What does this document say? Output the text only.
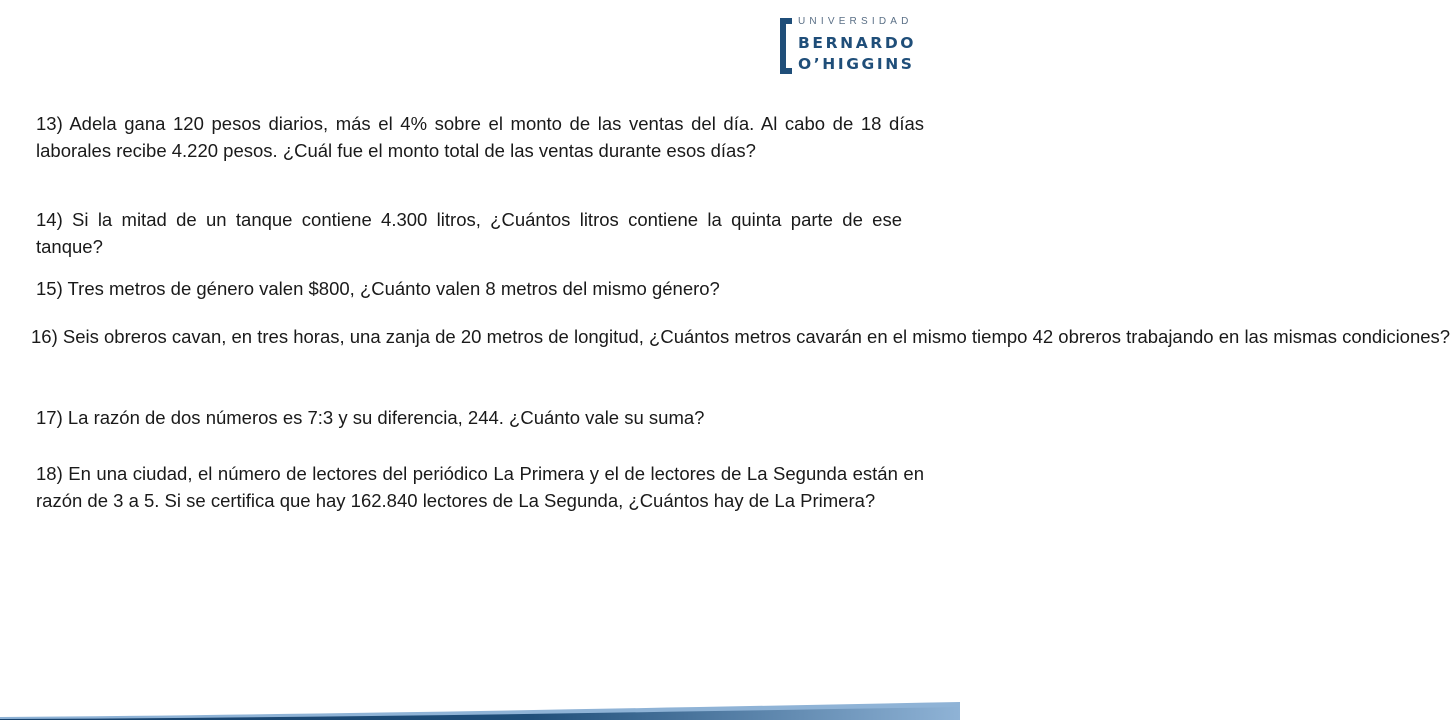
UNIVERSIDAD
BERNARDO
O’HIGGINS

13) Adela gana 120 pesos diarios, más el 4% sobre el monto de las ventas del día. Al cabo de 18 días laborales recibe 4.220 pesos. ¿Cuál fue el monto total de las ventas durante esos días?

14) Si la mitad de un tanque contiene 4.300 litros, ¿Cuántos litros contiene la quinta parte de ese tanque?

15) Tres metros de género valen $800, ¿Cuánto valen 8 metros del mismo género?

16) Seis obreros cavan, en tres horas, una zanja de 20 metros de longitud, ¿Cuántos metros cavarán en el mismo tiempo 42 obreros trabajando en las mismas condiciones?

17) La razón de dos números es 7:3 y su diferencia, 244. ¿Cuánto vale su suma?

18) En una ciudad, el número de lectores del periódico La Primera y el de lectores de La Segunda están en razón de 3 a 5. Si se certifica que hay 162.840 lectores de La Segunda, ¿Cuántos hay de La Primera?
